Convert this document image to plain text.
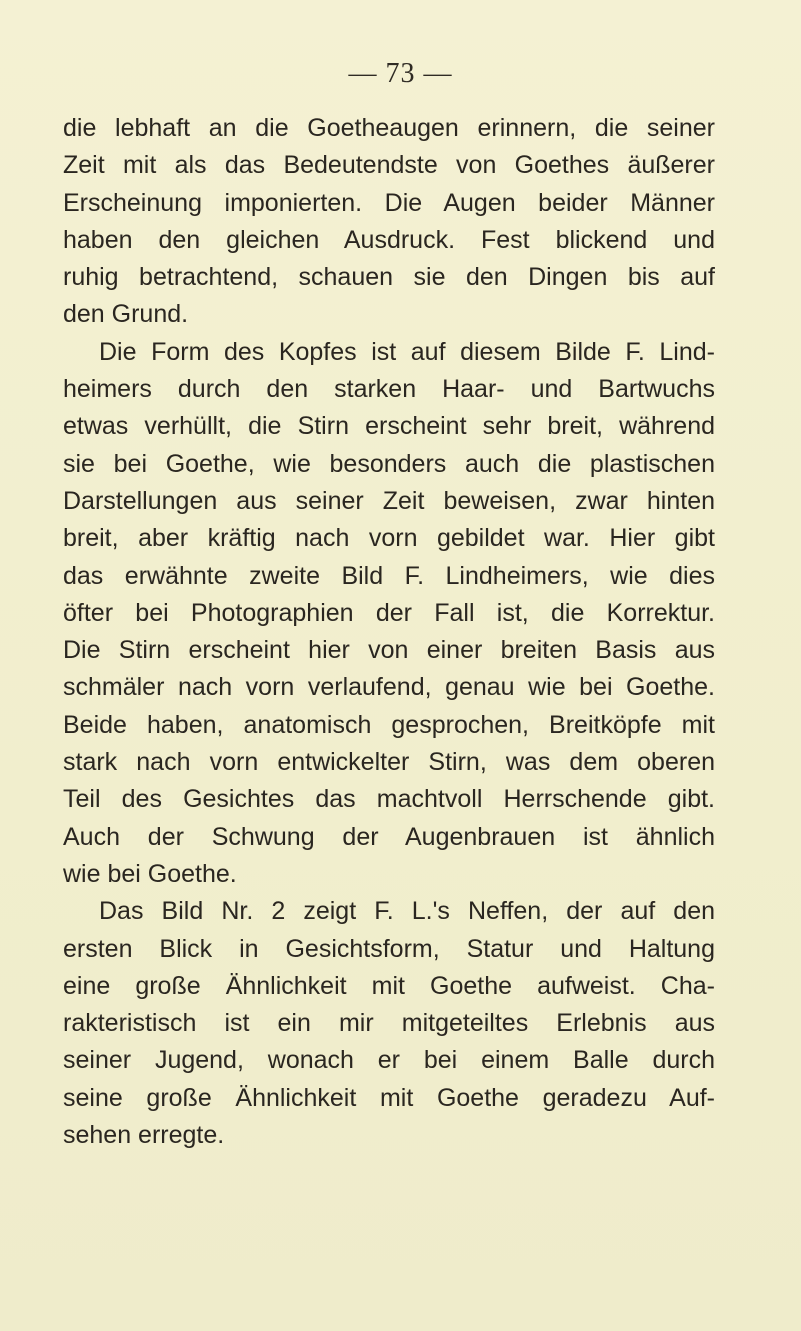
— 73 —
die lebhaft an die Goetheaugen erinnern, die seiner
Zeit mit als das Bedeutendste von Goethes äußerer
Erscheinung imponierten. Die Augen beider Männer
haben den gleichen Ausdruck. Fest blickend und
ruhig betrachtend, schauen sie den Dingen bis auf
den Grund.
Die Form des Kopfes ist auf diesem Bilde F. Lind-
heimers durch den starken Haar- und Bartwuchs
etwas verhüllt, die Stirn erscheint sehr breit, während
sie bei Goethe, wie besonders auch die plastischen
Darstellungen aus seiner Zeit beweisen, zwar hinten
breit, aber kräftig nach vorn gebildet war. Hier gibt
das erwähnte zweite Bild F. Lindheimers, wie dies
öfter bei Photographien der Fall ist, die Korrektur.
Die Stirn erscheint hier von einer breiten Basis aus
schmäler nach vorn verlaufend, genau wie bei Goethe.
Beide haben, anatomisch gesprochen, Breitköpfe mit
stark nach vorn entwickelter Stirn, was dem oberen
Teil des Gesichtes das machtvoll Herrschende gibt.
Auch der Schwung der Augenbrauen ist ähnlich
wie bei Goethe.
Das Bild Nr. 2 zeigt F. L.'s Neffen, der auf den
ersten Blick in Gesichtsform, Statur und Haltung
eine große Ähnlichkeit mit Goethe aufweist. Cha-
rakteristisch ist ein mir mitgeteiltes Erlebnis aus
seiner Jugend, wonach er bei einem Balle durch
seine große Ähnlichkeit mit Goethe geradezu Auf-
sehen erregte.
